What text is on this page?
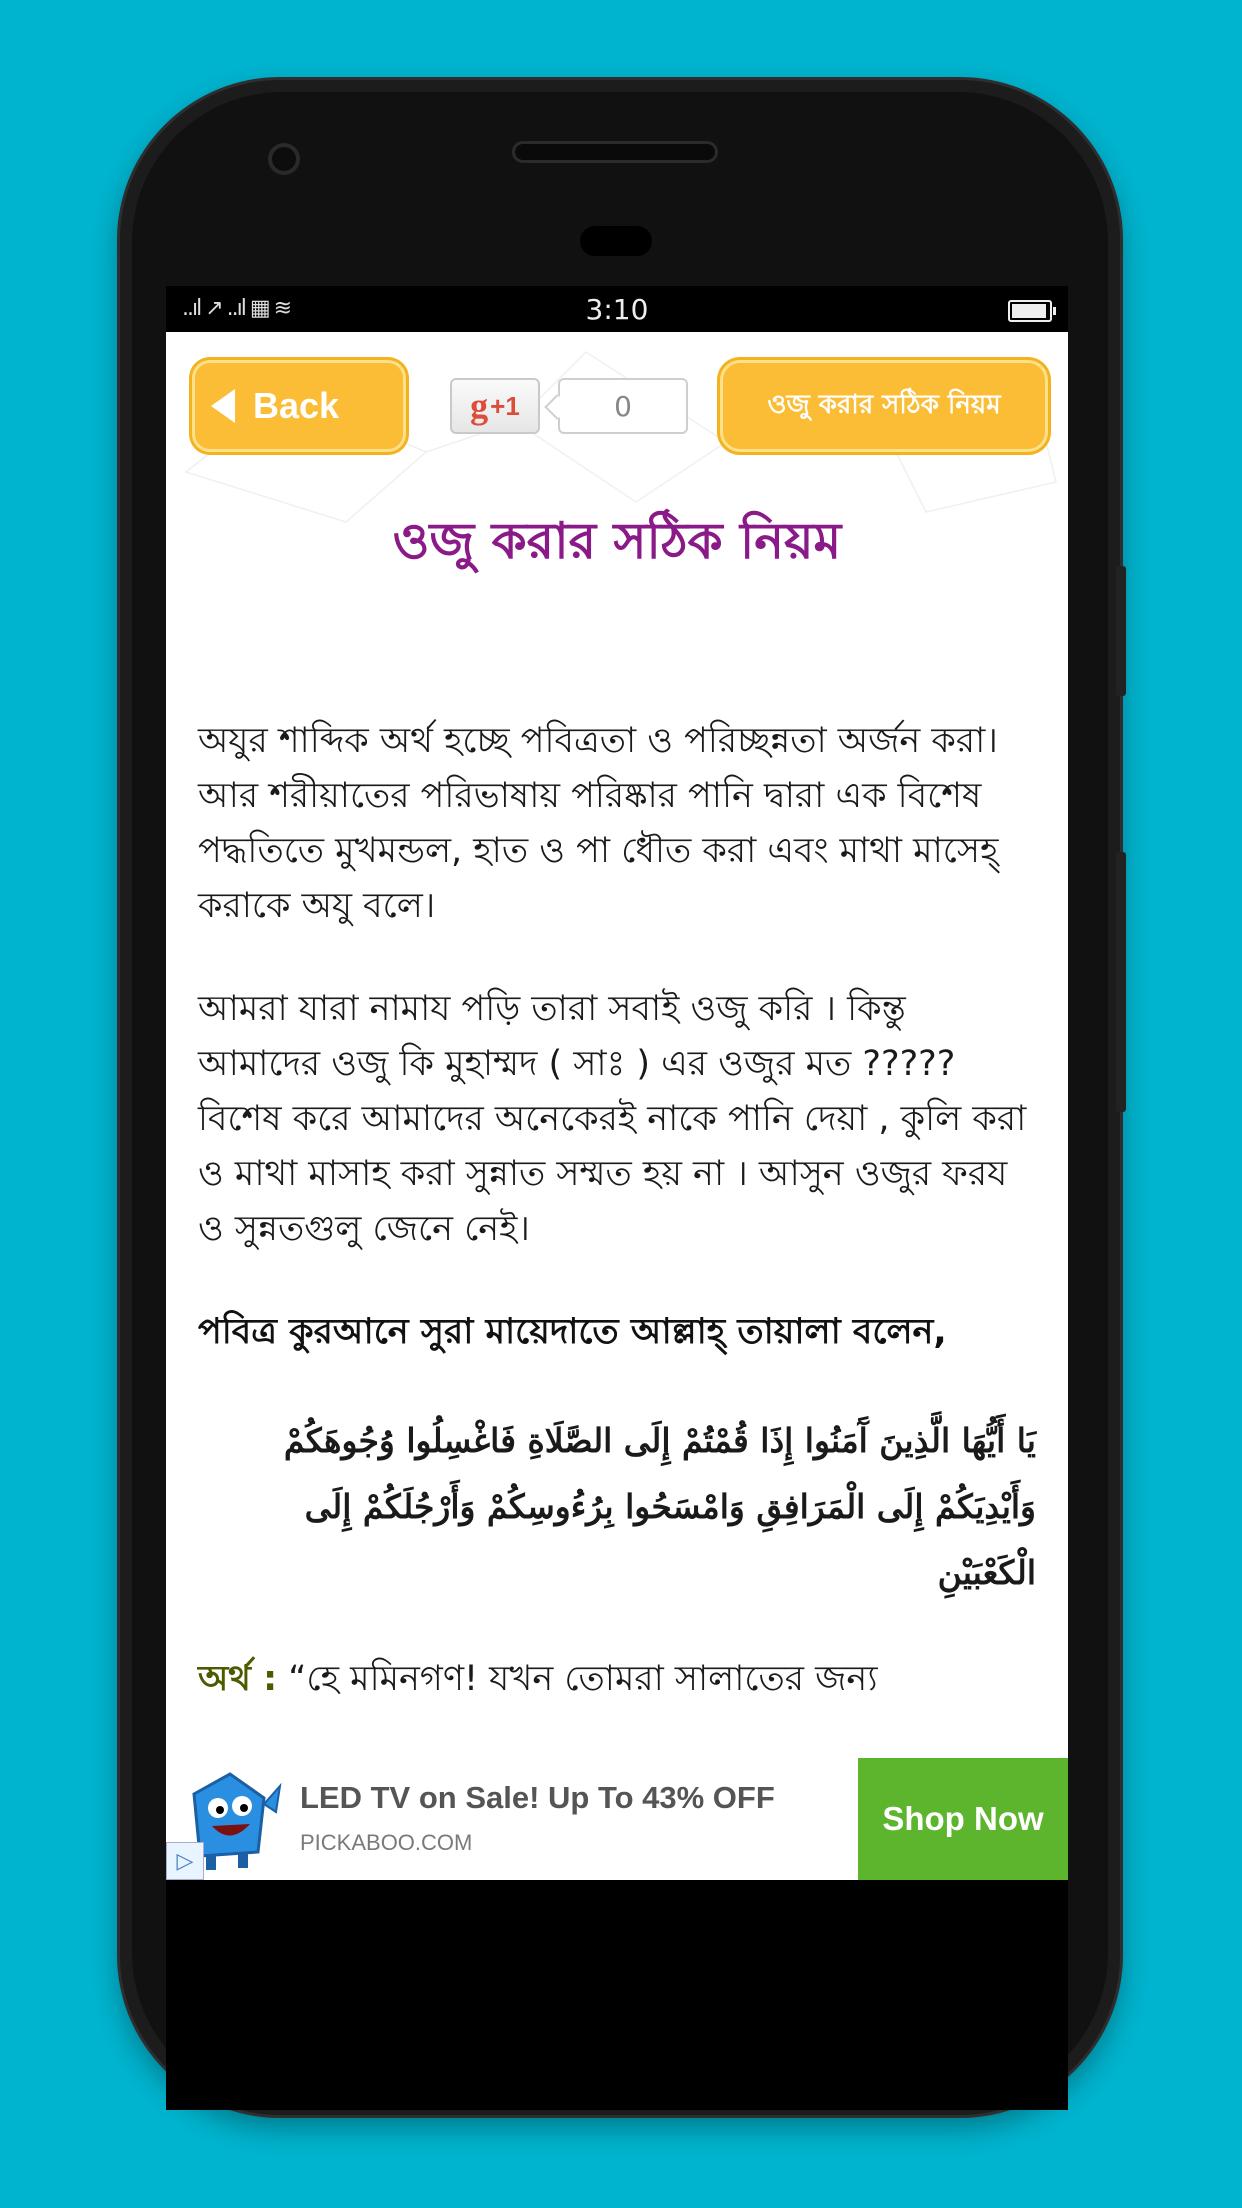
..ıl ↗ ..ıl ▦ ≋	3:10
Back	g +1	0	ওজু করার সঠিক নিয়ম
ওজু করার সঠিক নিয়ম

অযুর শাব্দিক অর্থ হচ্ছে পবিত্রতা ও পরিচ্ছন্নতা অর্জন করা।আর শরীয়াতের পরিভাষায় পরিষ্কার পানি দ্বারা এক বিশেষ পদ্ধতিতে মুখমন্ডল, হাত ও পা ধৌত করা এবং মাথা মাসেহ্ করাকে অযু বলে।

আমরা যারা নামায পড়ি তারা সবাই ওজু করি । কিন্তু আমাদের ওজু কি মুহাম্মদ ( সাঃ ) এর ওজুর মত ????? বিশেষ করে আমাদের অনেকেরই নাকে পানি দেয়া , কুলি করা ও মাথা মাসাহ করা সুন্নাত সম্মত হয় না । আসুন ওজুর ফরয ও সুন্নতগুলু জেনে নেই।

পবিত্র কুরআনে সুরা মায়েদাতে আল্লাহ্ তায়ালা বলেন,

يَا أَيُّهَا الَّذِينَ آَمَنُوا إِذَا قُمْتُمْ إِلَى الصَّلَاةِ فَاغْسِلُوا وُجُوهَكُمْ وَأَيْدِيَكُمْ إِلَى الْمَرَافِقِ وَامْسَحُوا بِرُءُوسِكُمْ وَأَرْجُلَكُمْ إِلَى الْكَعْبَيْنِ

অর্থ : “হে মমিনগণ! যখন তোমরা সালাতের জন্য

LED TV on Sale! Up To 43% OFF
PICKABOO.COM
Shop Now
▷
